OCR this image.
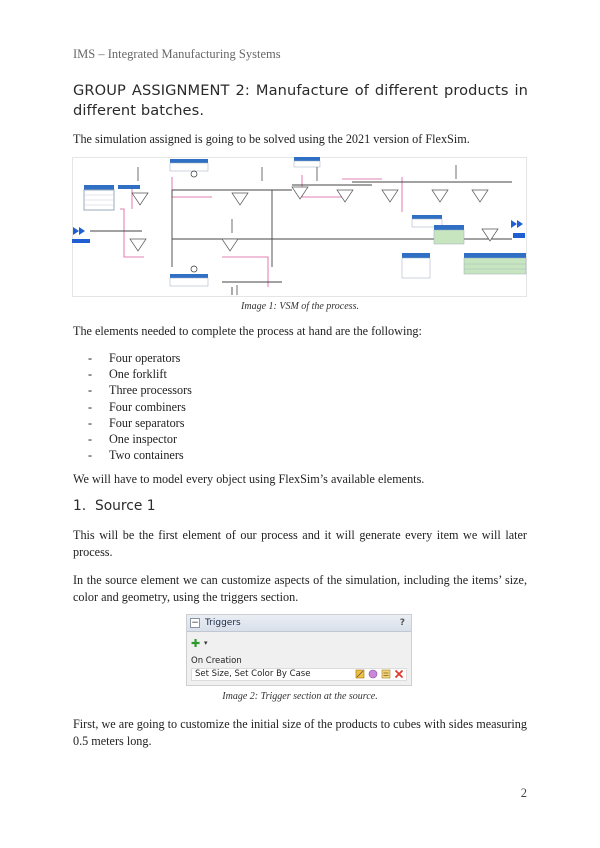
IMS – Integrated Manufacturing Systems
GROUP ASSIGNMENT 2: Manufacture of different products in different batches.
The simulation assigned is going to be solved using the 2021 version of FlexSim.
Image 1: VSM of the process.
The elements needed to complete the process at hand are the following:
-	Four operators
-	One forklift
-	Three processors
-	Four combiners
-	Four separators
-	One inspector
-	Two containers
We will have to model every object using FlexSim’s available elements.
1. Source 1
This will be the first element of our process and it will generate every item we will later process.
In the source element we can customize aspects of the simulation, including the items’ size, color and geometry, using the triggers section.
− Triggers	?
✚ ▾
On Creation
Set Size, Set Color By Case
Image 2: Trigger section at the source.
First, we are going to customize the initial size of the products to cubes with sides measuring 0.5 meters long.
2
